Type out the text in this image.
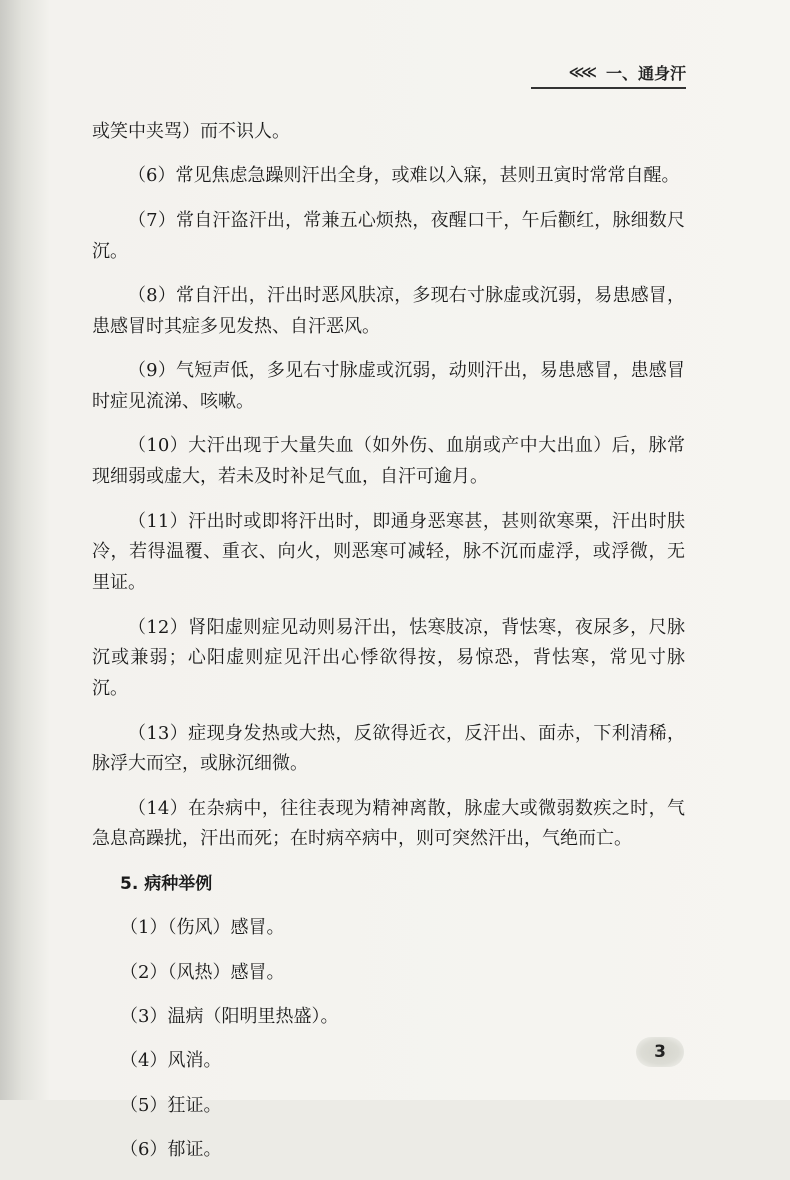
≪≪ 一、通身汗

或笑中夹骂）而不识人。

（6）常见焦虑急躁则汗出全身，或难以入寐，甚则丑寅时常常自醒。

（7）常自汗盗汗出，常兼五心烦热，夜醒口干，午后颧红，脉细数尺沉。

（8）常自汗出，汗出时恶风肤凉，多现右寸脉虚或沉弱，易患感冒，患感冒时其症多见发热、自汗恶风。

（9）气短声低，多见右寸脉虚或沉弱，动则汗出，易患感冒，患感冒时症见流涕、咳嗽。

（10）大汗出现于大量失血（如外伤、血崩或产中大出血）后，脉常现细弱或虚大，若未及时补足气血，自汗可逾月。

（11）汗出时或即将汗出时，即通身恶寒甚，甚则欲寒栗，汗出时肤冷，若得温覆、重衣、向火，则恶寒可减轻，脉不沉而虚浮，或浮微，无里证。

（12）肾阳虚则症见动则易汗出，怯寒肢凉，背怯寒，夜尿多，尺脉沉或兼弱；心阳虚则症见汗出心悸欲得按，易惊恐，背怯寒，常见寸脉沉。

（13）症现身发热或大热，反欲得近衣，反汗出、面赤，下利清稀，脉浮大而空，或脉沉细微。

（14）在杂病中，往往表现为精神离散，脉虚大或微弱数疾之时，气急息高躁扰，汗出而死；在时病卒病中，则可突然汗出，气绝而亡。

5. 病种举例
（1）（伤风）感冒。
（2）（风热）感冒。
（3）温病（阳明里热盛）。
（4）风消。
（5）狂证。
（6）郁证。
3
